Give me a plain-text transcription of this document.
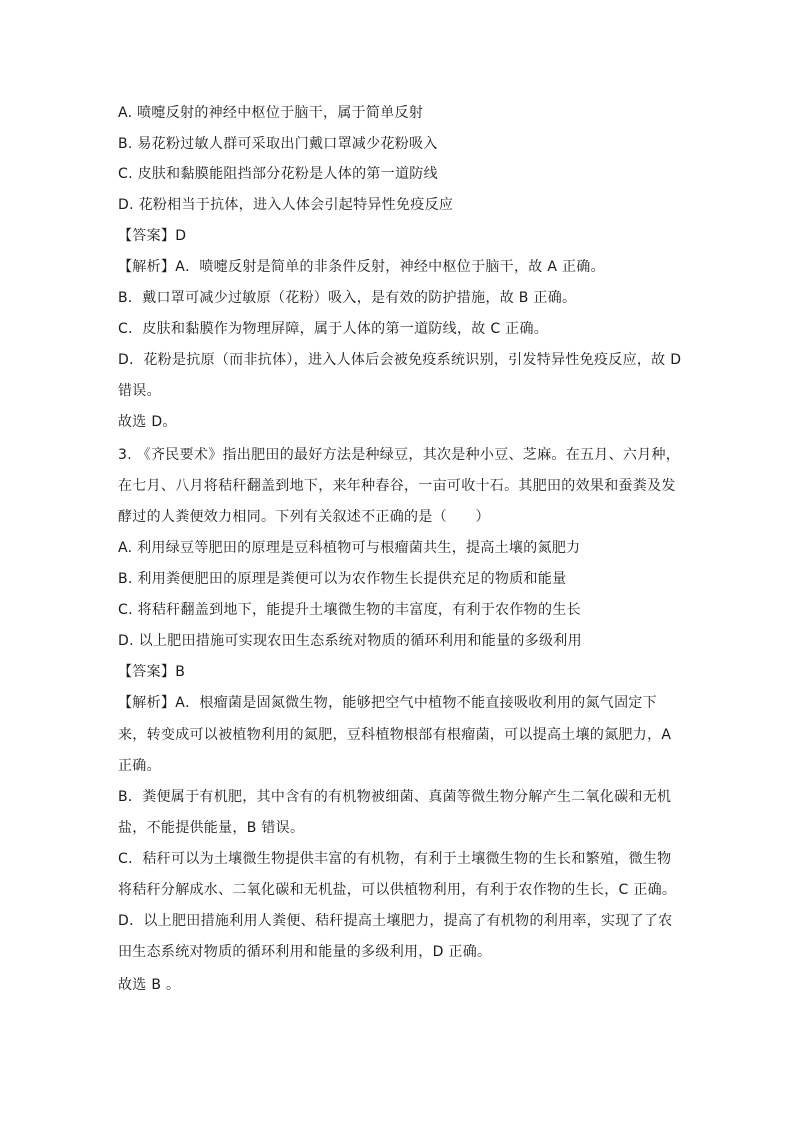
A. 喷嚏反射的神经中枢位于脑干，属于简单反射
B. 易花粉过敏人群可采取出门戴口罩减少花粉吸入
C. 皮肤和黏膜能阻挡部分花粉是人体的第一道防线
D. 花粉相当于抗体，进入人体会引起特异性免疫反应
【答案】D
【解析】A．喷嚏反射是简单的非条件反射，神经中枢位于脑干，故 A 正确。
B．戴口罩可减少过敏原（花粉）吸入，是有效的防护措施，故 B 正确。
C．皮肤和黏膜作为物理屏障，属于人体的第一道防线，故 C 正确。
D．花粉是抗原（而非抗体），进入人体后会被免疫系统识别，引发特异性免疫反应，故 D
错误。
故选 D。
3. 《齐民要术》指出肥田的最好方法是种绿豆，其次是种小豆、芝麻。在五月、六月种，
在七月、八月将秸秆翻盖到地下，来年种春谷，一亩可收十石。其肥田的效果和蚕粪及发
酵过的人粪便效力相同。下列有关叙述不正确的是（　　）
A. 利用绿豆等肥田的原理是豆科植物可与根瘤菌共生，提高土壤的氮肥力
B. 利用粪便肥田的原理是粪便可以为农作物生长提供充足的物质和能量
C. 将秸秆翻盖到地下，能提升土壤微生物的丰富度，有利于农作物的生长
D. 以上肥田措施可实现农田生态系统对物质的循环利用和能量的多级利用
【答案】B
【解析】A．根瘤菌是固氮微生物，能够把空气中植物不能直接吸收利用的氮气固定下
来，转变成可以被植物利用的氮肥，豆科植物根部有根瘤菌，可以提高土壤的氮肥力，A
正确。
B．粪便属于有机肥，其中含有的有机物被细菌、真菌等微生物分解产生二氧化碳和无机
盐，不能提供能量，B 错误。
C．秸秆可以为土壤微生物提供丰富的有机物，有利于土壤微生物的生长和繁殖，微生物
将秸秆分解成水、二氧化碳和无机盐，可以供植物利用，有利于农作物的生长，C 正确。
D．以上肥田措施利用人粪便、秸秆提高土壤肥力，提高了有机物的利用率，实现了了农
田生态系统对物质的循环利用和能量的多级利用，D 正确。
故选 B 。
